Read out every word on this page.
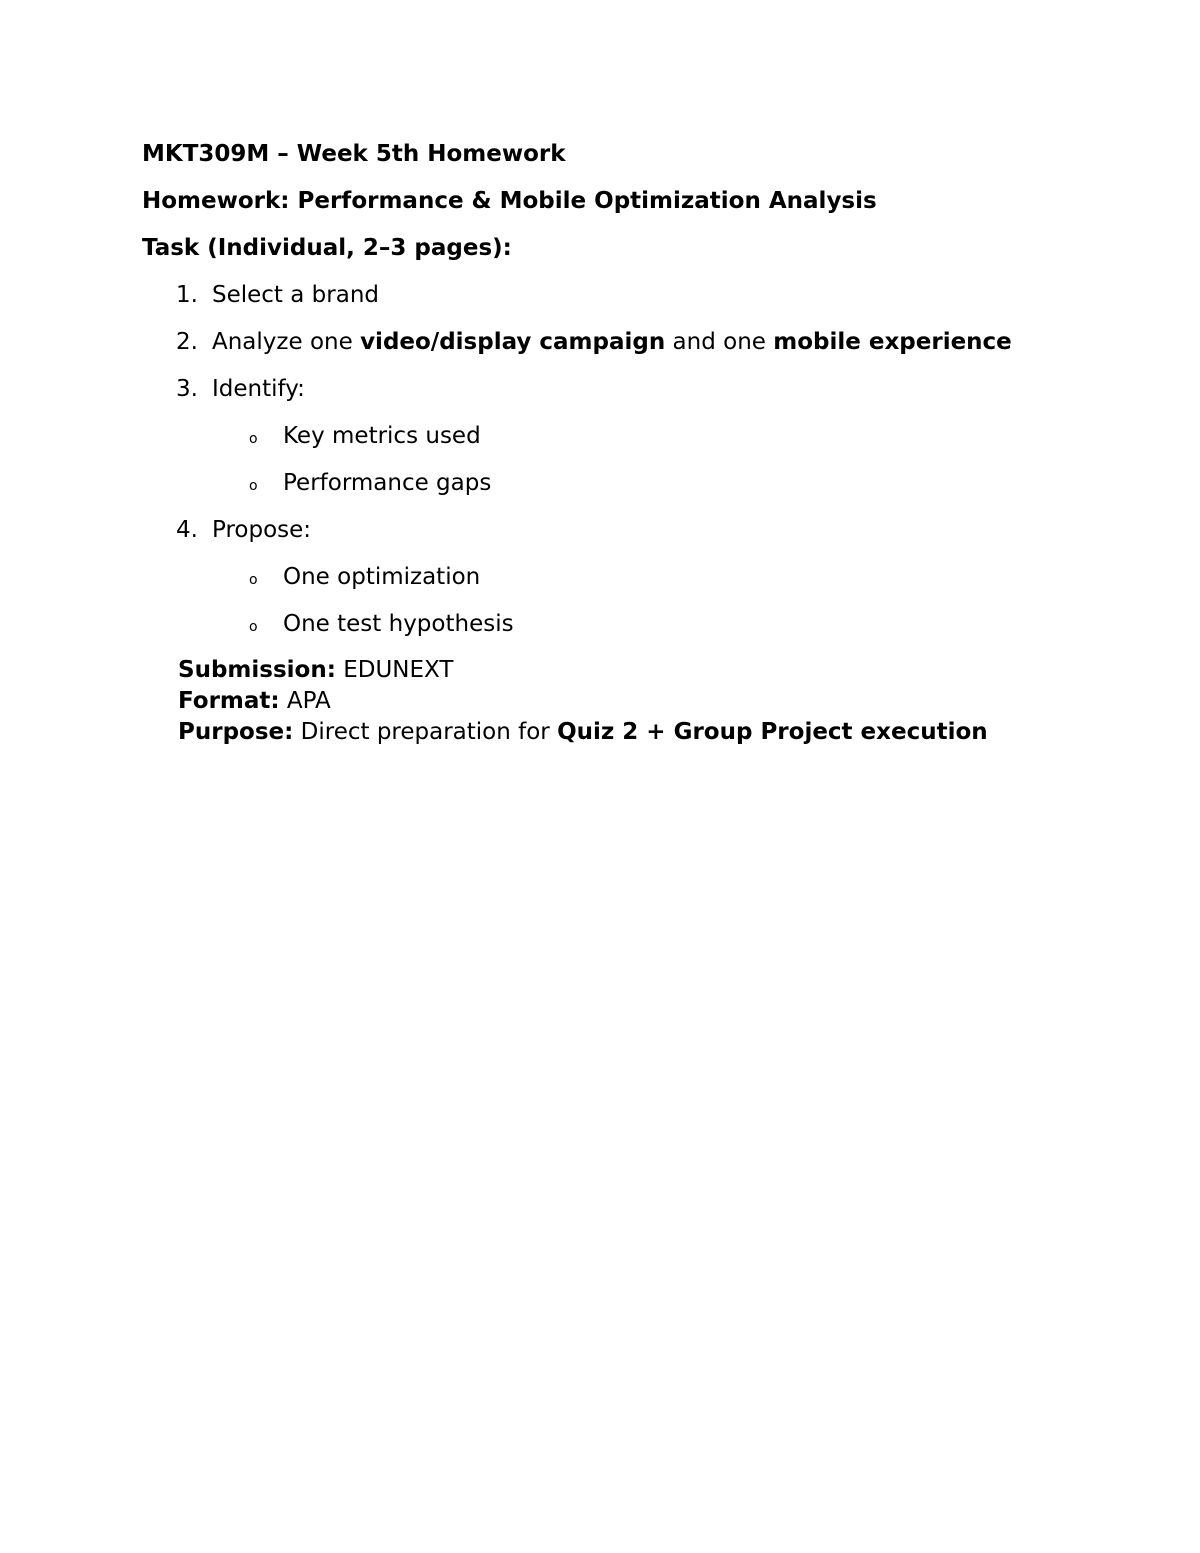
MKT309M – Week 5th Homework

Homework: Performance & Mobile Optimization Analysis

Task (Individual, 2–3 pages):

1. Select a brand
2. Analyze one video/display campaign and one mobile experience
3. Identify:
o Key metrics used
o Performance gaps
4. Propose:
o One optimization
o One test hypothesis

Submission: EDUNEXT

Format: APA

Purpose: Direct preparation for Quiz 2 + Group Project execution
